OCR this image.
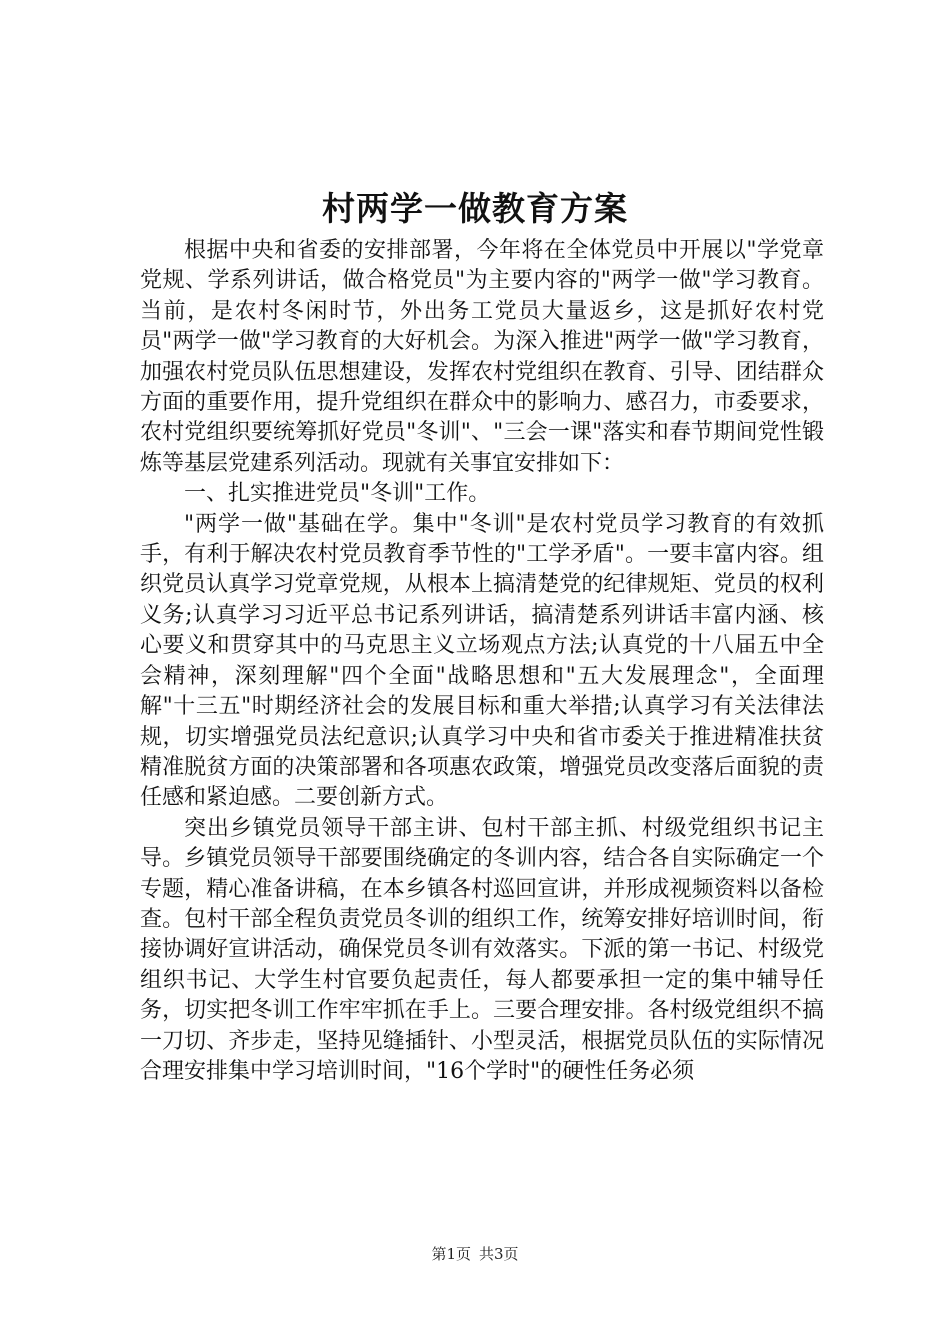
村两学一做教育方案

根据中央和省委的安排部署，今年将在全体党员中开展以"学党章党规、学系列讲话，做合格党员"为主要内容的"两学一做"学习教育。当前，是农村冬闲时节，外出务工党员大量返乡，这是抓好农村党员"两学一做"学习教育的大好机会。为深入推进"两学一做"学习教育，加强农村党员队伍思想建设，发挥农村党组织在教育、引导、团结群众方面的重要作用，提升党组织在群众中的影响力、感召力，市委要求，农村党组织要统筹抓好党员"冬训"、"三会一课"落实和春节期间党性锻炼等基层党建系列活动。现就有关事宜安排如下：

一、扎实推进党员"冬训"工作。

"两学一做"基础在学。集中"冬训"是农村党员学习教育的有效抓手，有利于解决农村党员教育季节性的"工学矛盾"。一要丰富内容。组织党员认真学习党章党规，从根本上搞清楚党的纪律规矩、党员的权利义务;认真学习习近平总书记系列讲话，搞清楚系列讲话丰富内涵、核心要义和贯穿其中的马克思主义立场观点方法;认真党的十八届五中全会精神，深刻理解"四个全面"战略思想和"五大发展理念"，全面理解"十三五"时期经济社会的发展目标和重大举措;认真学习有关法律法规，切实增强党员法纪意识;认真学习中央和省市委关于推进精准扶贫精准脱贫方面的决策部署和各项惠农政策，增强党员改变落后面貌的责任感和紧迫感。二要创新方式。

突出乡镇党员领导干部主讲、包村干部主抓、村级党组织书记主导。乡镇党员领导干部要围绕确定的冬训内容，结合各自实际确定一个专题，精心准备讲稿，在本乡镇各村巡回宣讲，并形成视频资料以备检查。包村干部全程负责党员冬训的组织工作，统筹安排好培训时间，衔接协调好宣讲活动，确保党员冬训有效落实。下派的第一书记、村级党组织书记、大学生村官要负起责任，每人都要承担一定的集中辅导任务，切实把冬训工作牢牢抓在手上。三要合理安排。各村级党组织不搞一刀切、齐步走，坚持见缝插针、小型灵活，根据党员队伍的实际情况合理安排集中学习培训时间，"16个学时"的硬性任务必须

第1页 共3页
